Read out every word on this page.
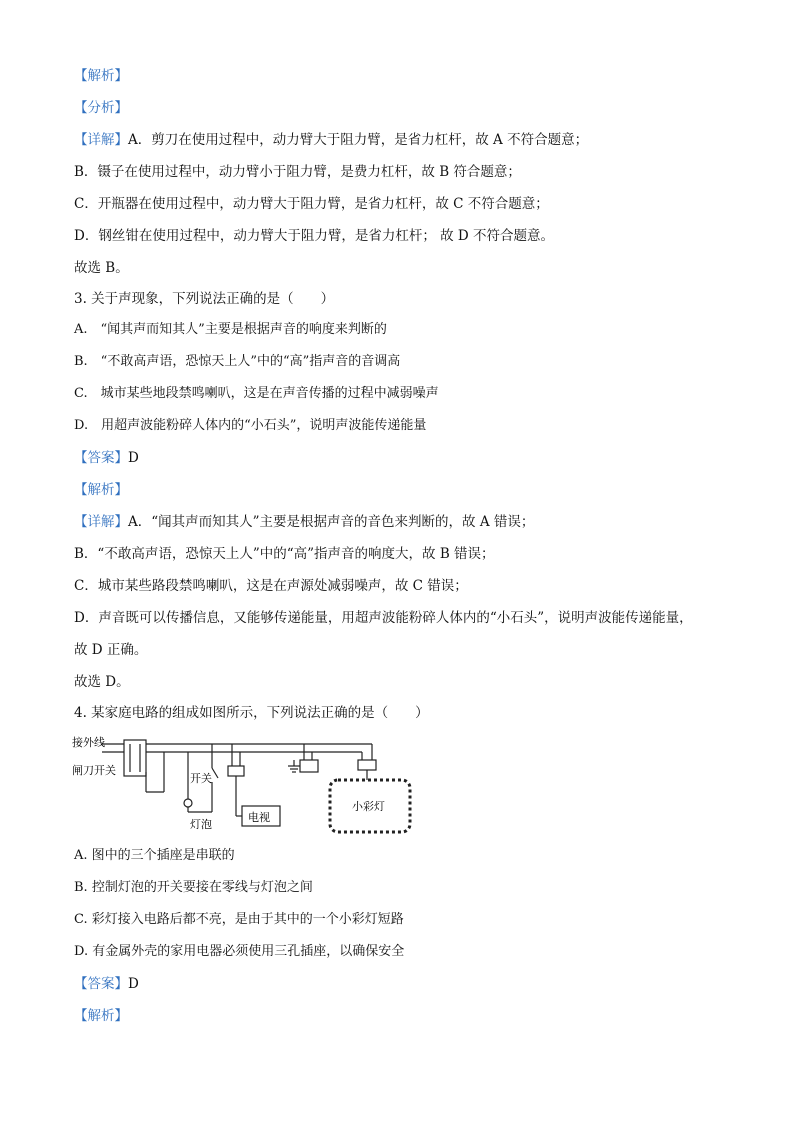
【解析】
【分析】
【详解】A．剪刀在使用过程中，动力臂大于阻力臂，是省力杠杆，故 A 不符合题意；
B．镊子在使用过程中，动力臂小于阻力臂，是费力杠杆，故 B 符合题意；
C．开瓶器在使用过程中，动力臂大于阻力臂，是省力杠杆，故 C 不符合题意；
D．钢丝钳在使用过程中，动力臂大于阻力臂，是省力杠杆； 故 D 不符合题意。
故选 B。
3. 关于声现象，下列说法正确的是（　　）
A.　“闻其声而知其人”主要是根据声音的响度来判断的
B.　“不敢高声语，恐惊天上人”中的“高”指声音的音调高
C.　城市某些地段禁鸣喇叭，这是在声音传播的过程中减弱噪声
D.　用超声波能粉碎人体内的“小石头”，说明声波能传递能量
【答案】D
【解析】
【详解】A．“闻其声而知其人”主要是根据声音的音色来判断的，故 A 错误；
B．“不敢高声语，恐惊天上人”中的“高”指声音的响度大，故 B 错误；
C．城市某些路段禁鸣喇叭，这是在声源处减弱噪声，故 C 错误；
D．声音既可以传播信息，又能够传递能量，用超声波能粉碎人体内的“小石头”，说明声波能传递能量，
故 D 正确。
故选 D。
4. 某家庭电路的组成如图所示，下列说法正确的是（　　）
接外线
闸刀开关
开关
灯泡
电视
小彩灯
A. 图中的三个插座是串联的
B. 控制灯泡的开关要接在零线与灯泡之间
C. 彩灯接入电路后都不亮，是由于其中的一个小彩灯短路
D. 有金属外壳的家用电器必须使用三孔插座，以确保安全
【答案】D
【解析】
